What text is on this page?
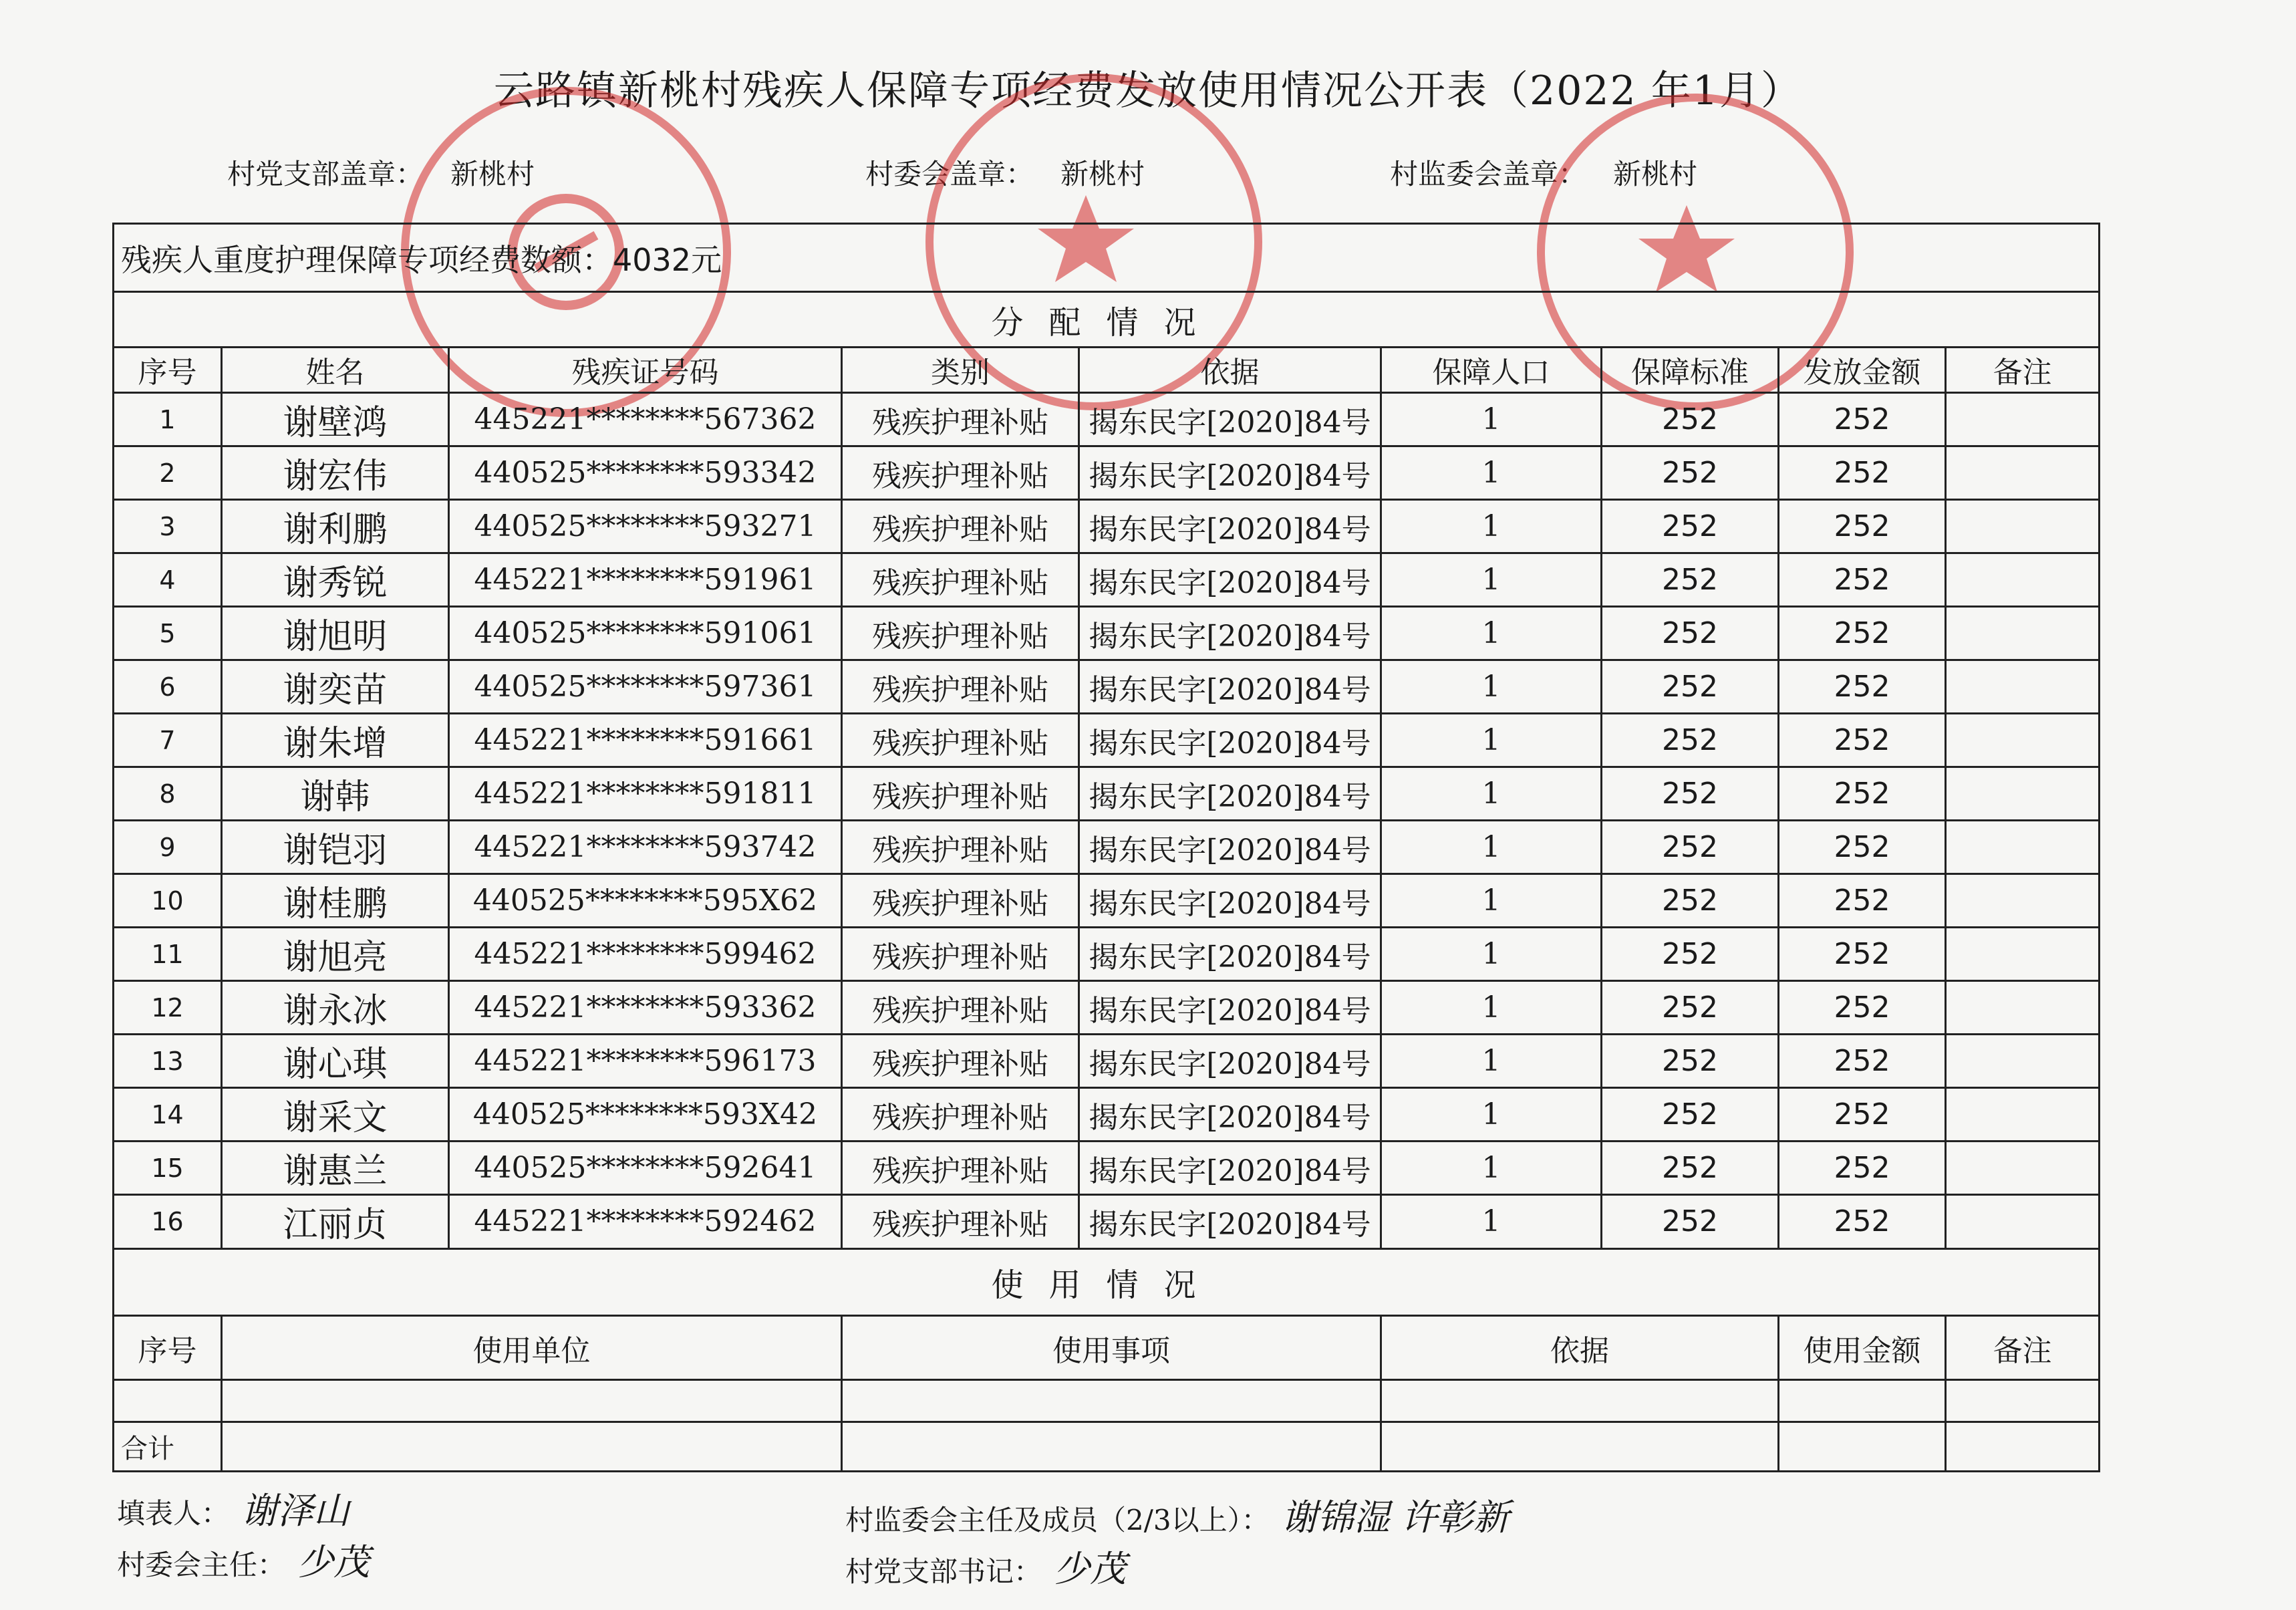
云路镇新桃村残疾人保障专项经费发放使用情况公开表（2022 年1月）
村党支部盖章： 新桃村	村委会盖章： 新桃村	村监委会盖章： 新桃村
残疾人重度护理保障专项经费数额：4032元								
分配情况								
序号	姓名	残疾证号码	类别	依据	保障人口	保障标准	发放金额	备注
1	谢壁鸿	445221********567362	残疾护理补贴	揭东民字[2020]84号	1	252	252	
2	谢宏伟	440525********593342	残疾护理补贴	揭东民字[2020]84号	1	252	252	
3	谢利鹏	440525********593271	残疾护理补贴	揭东民字[2020]84号	1	252	252	
4	谢秀锐	445221********591961	残疾护理补贴	揭东民字[2020]84号	1	252	252	
5	谢旭明	440525********591061	残疾护理补贴	揭东民字[2020]84号	1	252	252	
6	谢奕苗	440525********597361	残疾护理补贴	揭东民字[2020]84号	1	252	252	
7	谢朱增	445221********591661	残疾护理补贴	揭东民字[2020]84号	1	252	252	
8	谢韩	445221********591811	残疾护理补贴	揭东民字[2020]84号	1	252	252	
9	谢铠羽	445221********593742	残疾护理补贴	揭东民字[2020]84号	1	252	252	
10	谢桂鹏	440525********595X62	残疾护理补贴	揭东民字[2020]84号	1	252	252	
11	谢旭亮	445221********599462	残疾护理补贴	揭东民字[2020]84号	1	252	252	
12	谢永冰	445221********593362	残疾护理补贴	揭东民字[2020]84号	1	252	252	
13	谢心琪	445221********596173	残疾护理补贴	揭东民字[2020]84号	1	252	252	
14	谢采文	440525********593X42	残疾护理补贴	揭东民字[2020]84号	1	252	252	
15	谢惠兰	440525********592641	残疾护理补贴	揭东民字[2020]84号	1	252	252	
16	江丽贞	445221********592462	残疾护理补贴	揭东民字[2020]84号	1	252	252	
使用情况								
序号	使用单位		使用事项		依据		使用金额	备注

合计								
填表人： 谢泽山
村委会主任： 少茂
村监委会主任及成员（2/3以上）： 谢锦湿 许彰新
村党支部书记： 少茂
